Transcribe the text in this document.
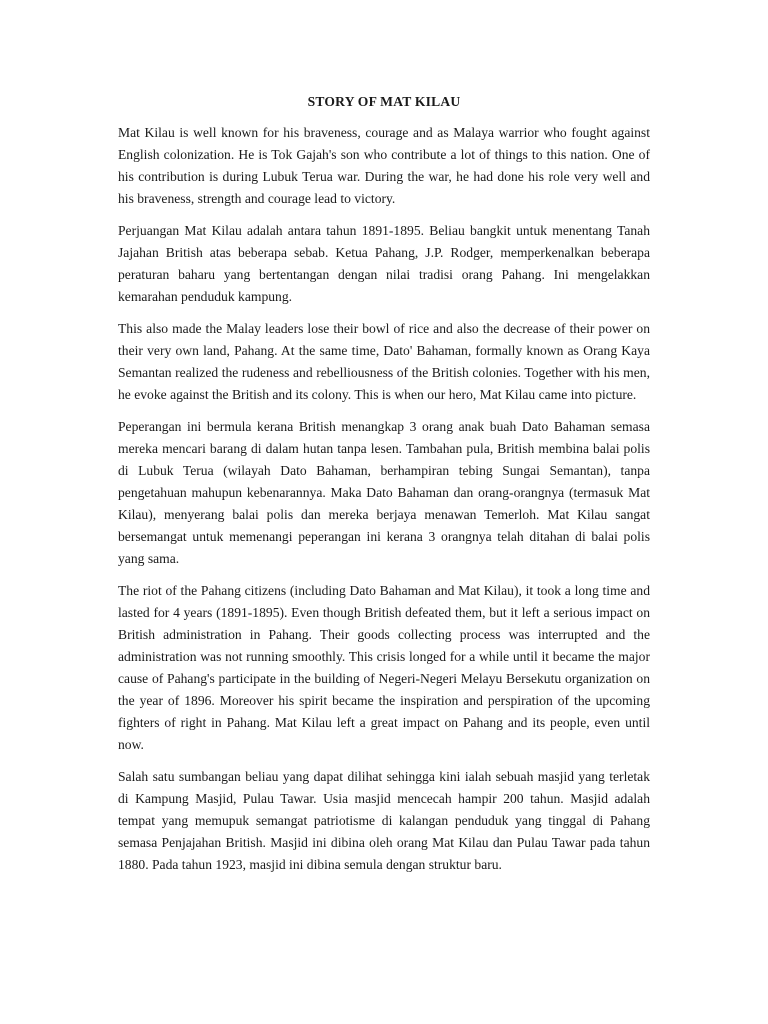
STORY OF MAT KILAU

Mat Kilau is well known for his braveness, courage and as Malaya warrior who fought against English colonization. He is Tok Gajah's son who contribute a lot of things to this nation. One of his contribution is during Lubuk Terua war. During the war, he had done his role very well and his braveness, strength and courage lead to victory.

Perjuangan Mat Kilau adalah antara tahun 1891-1895. Beliau bangkit untuk menentang Tanah Jajahan British atas beberapa sebab. Ketua Pahang, J.P. Rodger, memperkenalkan beberapa peraturan baharu yang bertentangan dengan nilai tradisi orang Pahang. Ini mengelakkan kemarahan penduduk kampung.

This also made the Malay leaders lose their bowl of rice and also the decrease of their power on their very own land, Pahang. At the same time, Dato' Bahaman, formally known as Orang Kaya Semantan realized the rudeness and rebelliousness of the British colonies. Together with his men, he evoke against the British and its colony. This is when our hero, Mat Kilau came into picture.

Peperangan ini bermula kerana British menangkap 3 orang anak buah Dato Bahaman semasa mereka mencari barang di dalam hutan tanpa lesen. Tambahan pula, British membina balai polis di Lubuk Terua (wilayah Dato Bahaman, berhampiran tebing Sungai Semantan), tanpa pengetahuan mahupun kebenarannya. Maka Dato Bahaman dan orang-orangnya (termasuk Mat Kilau), menyerang balai polis dan mereka berjaya menawan Temerloh. Mat Kilau sangat bersemangat untuk memenangi peperangan ini kerana 3 orangnya telah ditahan di balai polis yang sama.

The riot of the Pahang citizens (including Dato Bahaman and Mat Kilau), it took a long time and lasted for 4 years (1891-1895). Even though British defeated them, but it left a serious impact on British administration in Pahang. Their goods collecting process was interrupted and the administration was not running smoothly. This crisis longed for a while until it became the major cause of Pahang's participate in the building of Negeri-Negeri Melayu Bersekutu organization on the year of 1896. Moreover his spirit became the inspiration and perspiration of the upcoming fighters of right in Pahang. Mat Kilau left a great impact on Pahang and its people, even until now.

Salah satu sumbangan beliau yang dapat dilihat sehingga kini ialah sebuah masjid yang terletak di Kampung Masjid, Pulau Tawar. Usia masjid mencecah hampir 200 tahun. Masjid adalah tempat yang memupuk semangat patriotisme di kalangan penduduk yang tinggal di Pahang semasa Penjajahan British. Masjid ini dibina oleh orang Mat Kilau dan Pulau Tawar pada tahun 1880. Pada tahun 1923, masjid ini dibina semula dengan struktur baru.
